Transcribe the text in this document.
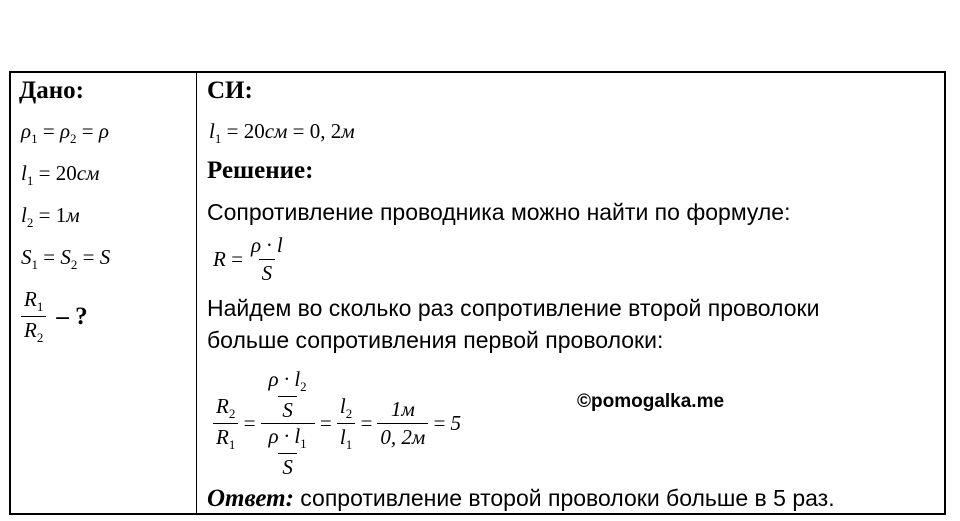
Дано:
$\rho_1 = \rho_2 = \rho$
$l_1 = 20см$
$l_2 = 1м$
$S_1 = S_2 = S$
$\frac{R_1}{R_2}$ – ?
СИ:
$l_1 = 20см = 0$, 2м
Решение:
Сопротивление проводника можно найти по формуле:
$R = \frac{\rho \cdot l}{S}$
Найдем во сколько раз сопротивление второй проволоки
больше сопротивления первой проволоки:
$\frac{R_2}{R_1} = \frac{\frac{\rho \cdot l_2}{S}}{\frac{\rho \cdot l_1}{S}} = \frac{l_2}{l_1} = \frac{1м}{0, 2м} = 5$
©pomogalka.me
Ответ: сопротивление второй проволоки больше в 5 раз.
